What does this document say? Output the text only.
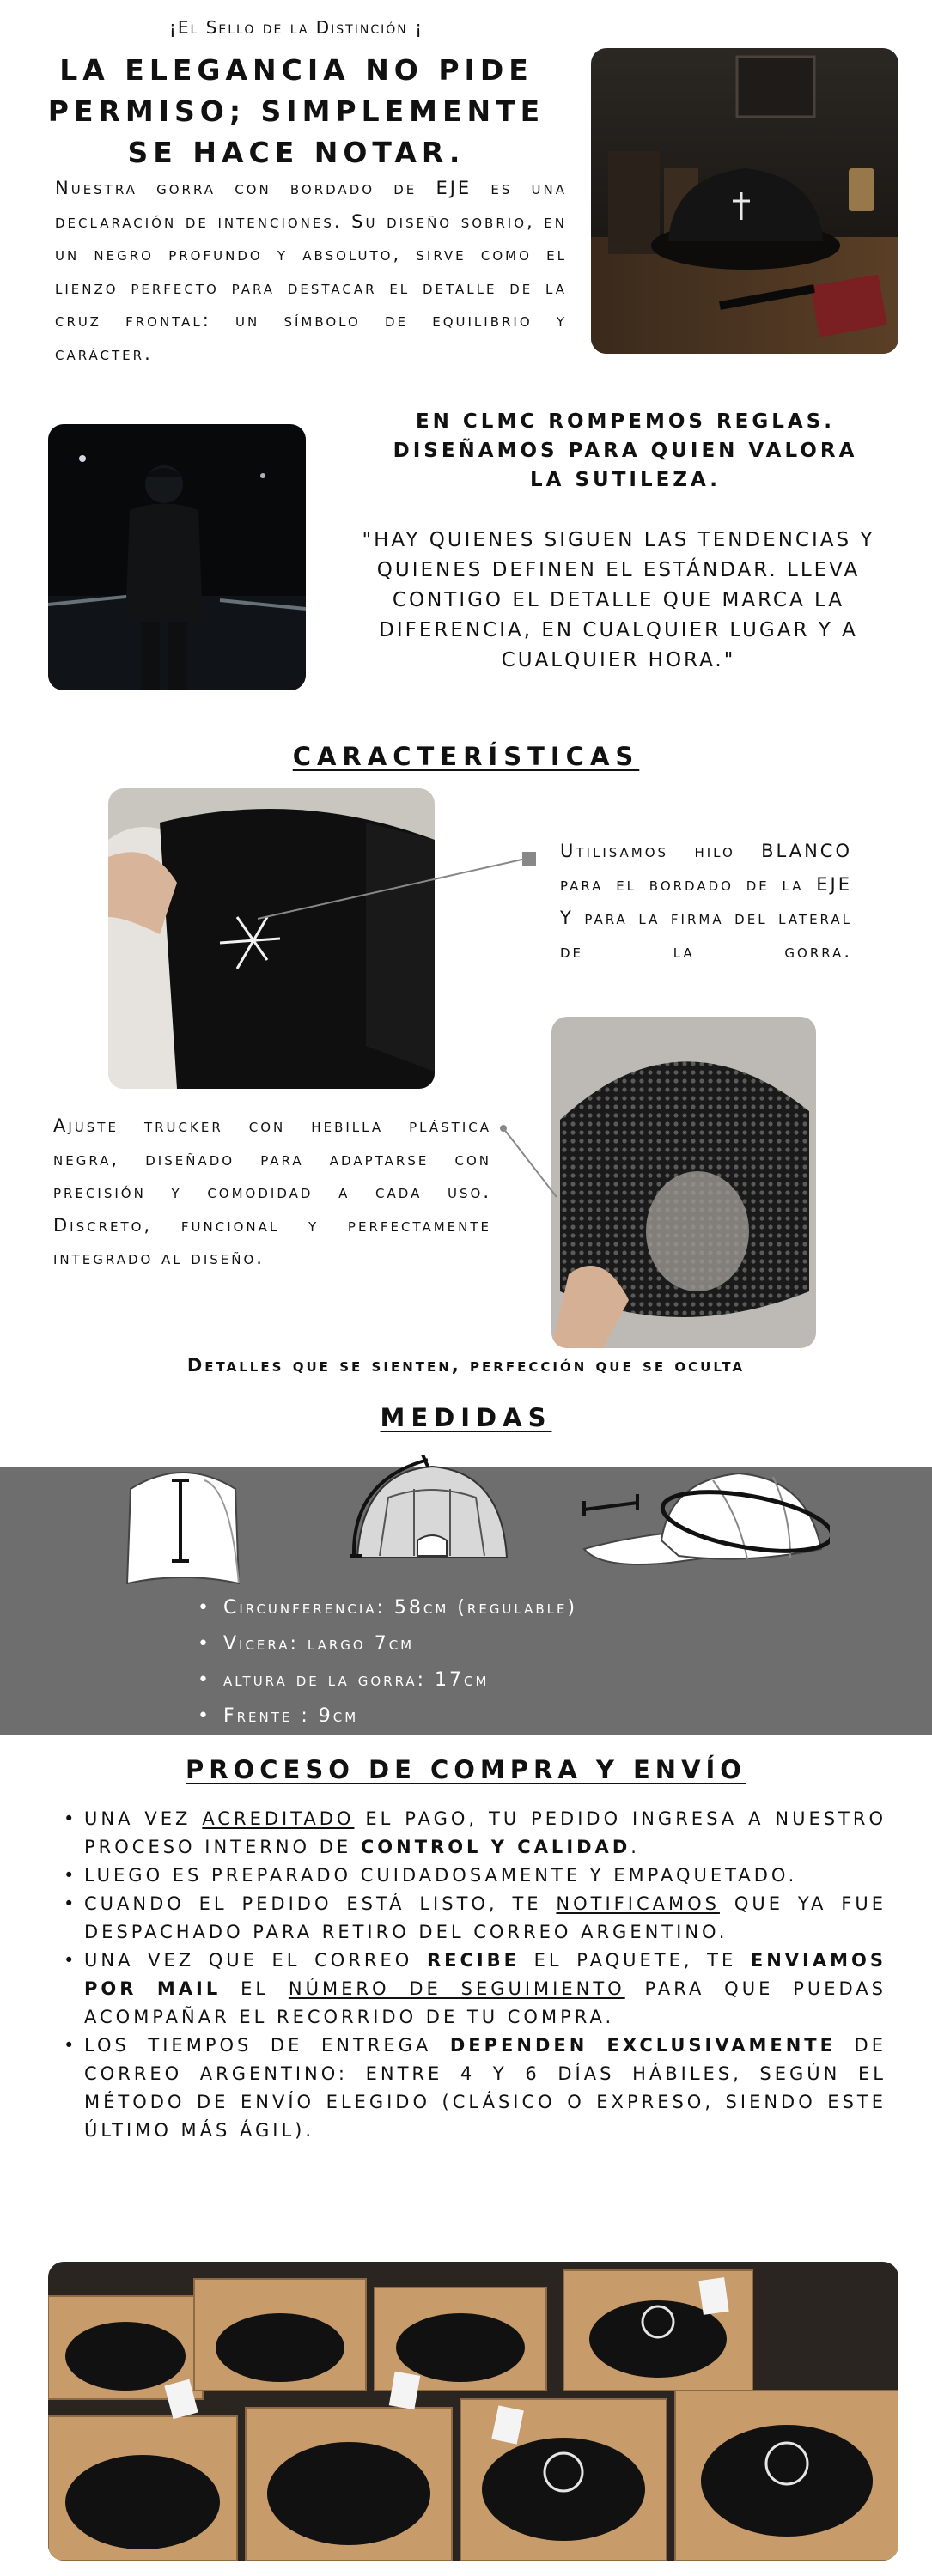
¡El Sello de la Distinción ¡
LA ELEGANCIA NO PIDE
PERMISO; SIMPLEMENTE
SE HACE NOTAR.
Nuestra gorra con bordado de EJE es una declaración de intenciones. Su diseño sobrio, en un negro profundo y absoluto, sirve como el lienzo perfecto para destacar el detalle de la cruz frontal: un símbolo de equilibrio y carácter.
EN CLMC ROMPEMOS REGLAS.
DISEÑAMOS PARA QUIEN VALORA
LA SUTILEZA.
"HAY QUIENES SIGUEN LAS TENDENCIAS Y QUIENES DEFINEN EL ESTÁNDAR. LLEVA CONTIGO EL DETALLE QUE MARCA LA DIFERENCIA, EN CUALQUIER LUGAR Y A CUALQUIER HORA."
CARACTERÍSTICAS
Utilisamos hilo BLANCO para el bordado de la EJE Y para la firma del lateral de la gorra.
Ajuste trucker con hebilla plástica negra, diseñado para adaptarse con precisión y comodidad a cada uso. Discreto, funcional y perfectamente integrado al diseño.
Detalles que se sienten, perfección que se oculta
MEDIDAS
• Circunferencia: 58cm (regulable)
• Vicera: largo 7cm
• altura de la gorra: 17cm
• Frente : 9cm
PROCESO DE COMPRA Y ENVÍO
• UNA VEZ ACREDITADO EL PAGO, TU PEDIDO INGRESA A NUESTRO PROCESO INTERNO DE CONTROL Y CALIDAD.
• LUEGO ES PREPARADO CUIDADOSAMENTE Y EMPAQUETADO.
• CUANDO EL PEDIDO ESTÁ LISTO, TE NOTIFICAMOS QUE YA FUE DESPACHADO PARA RETIRO DEL CORREO ARGENTINO.
• UNA VEZ QUE EL CORREO RECIBE EL PAQUETE, TE ENVIAMOS POR MAIL EL NÚMERO DE SEGUIMIENTO PARA QUE PUEDAS ACOMPAÑAR EL RECORRIDO DE TU COMPRA.
• LOS TIEMPOS DE ENTREGA DEPENDEN EXCLUSIVAMENTE DE CORREO ARGENTINO: ENTRE 4 Y 6 DÍAS HÁBILES, SEGÚN EL MÉTODO DE ENVÍO ELEGIDO (CLÁSICO O EXPRESO, SIENDO ESTE ÚLTIMO MÁS ÁGIL).
